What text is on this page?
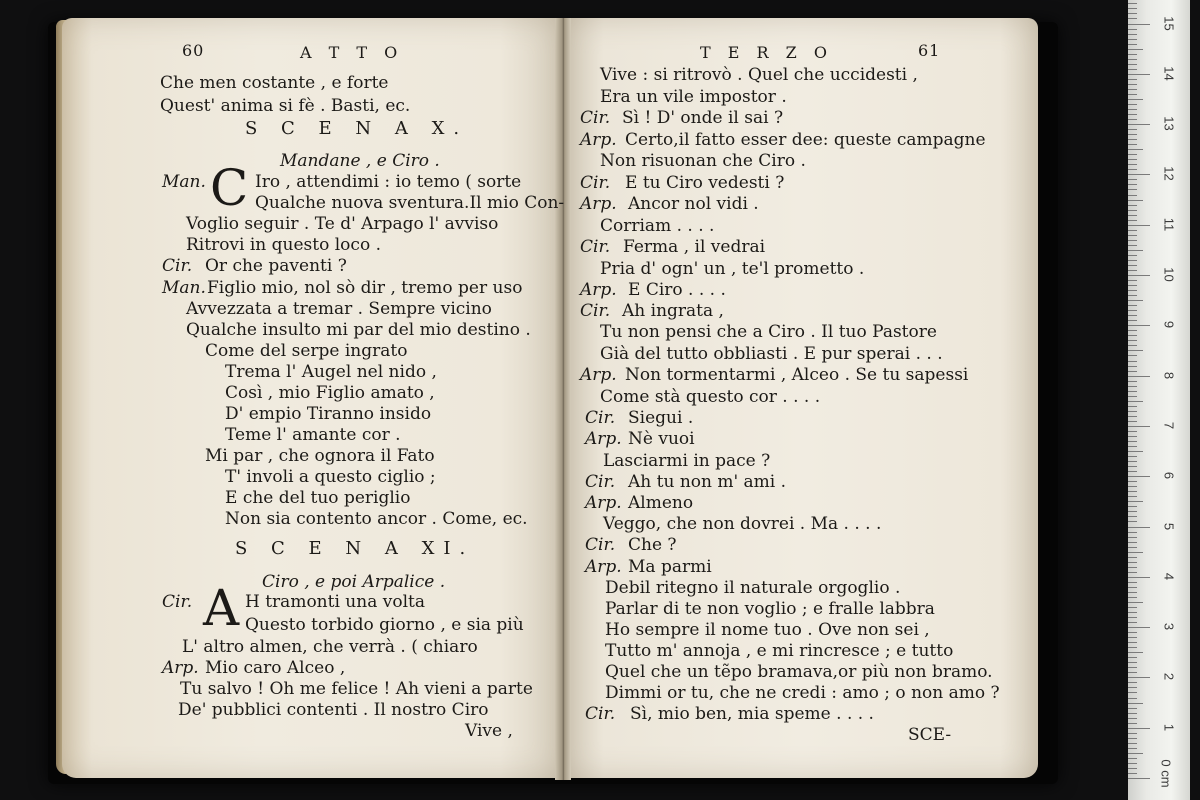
60	A T T O
Che men costante , e forte
Quest' anima si fè . Basti, ec.
S C E N A X.
Mandane , e Ciro .
Man.	Iro , attendimi : io temo ( sorte
Qualche nuova sventura.Il mio Con-
Voglio seguir . Te d' Arpago l' avviso
Ritrovi in questo loco .
Cir. Or che paventi ?
Man. Figlio mio, nol sò dir , tremo per uso
Avvezzata a tremar . Sempre vicino
Qualche insulto mi par del mio destino .
Come del serpe ingrato
Trema l' Augel nel nido ,
Così , mio Figlio amato ,
D' empio Tiranno insido
Teme l' amante cor .
Mi par , che ognora il Fato
T' involi a questo ciglio ;
E che del tuo periglio
Non sia contento ancor . Come, ec.
S C E N A XI.
Ciro , e poi Arpalice .
Cir.	H tramonti una volta
Questo torbido giorno , e sia più
L' altro almen, che verrà . ( chiaro
Arp. Mio caro Alceo ,
Tu salvo ! Oh me felice ! Ah vieni a parte
De' pubblici contenti . Il nostro Ciro
Vive ,
C
A
T E R Z O	61
Vive : si ritrovò . Quel che uccidesti ,
Era un vile impostor .
Cir. Sì ! D' onde il sai ?
Arp. Certo,il fatto esser dee: queste campagne
Non risuonan che Ciro .
Cir. E tu Ciro vedesti ?
Arp. Ancor nol vidi .
Corriam . . . .
Cir. Ferma , il vedrai
Pria d' ogn' un , te'l prometto .
Arp. E Ciro . . . .
Cir. Ah ingrata ,
Tu non pensi che a Ciro . Il tuo Pastore
Già del tutto obbliasti . E pur sperai . . .
Arp. Non tormentarmi , Alceo . Se tu sapessi
Come stà questo cor . . . .
Cir. Siegui .
Arp. Nè vuoi
Lasciarmi in pace ?
Cir. Ah tu non m' ami .
Arp. Almeno
Veggo, che non dovrei . Ma . . . .
Cir. Che ?
Arp. Ma parmi
Debil ritegno il naturale orgoglio .
Parlar di te non voglio ; e fralle labbra
Ho sempre il nome tuo . Ove non sei ,
Tutto m' annoja , e mi rincresce ; e tutto
Quel che un tẽpo bramava,or più non bramo.
Dimmi or tu, che ne credi : amo ; o non amo ?
Cir. Sì, mio ben, mia speme . . . .
SCE-
0 cm
1
2
3
4
5
6
7
8
9
10
11
12
13
14
15
